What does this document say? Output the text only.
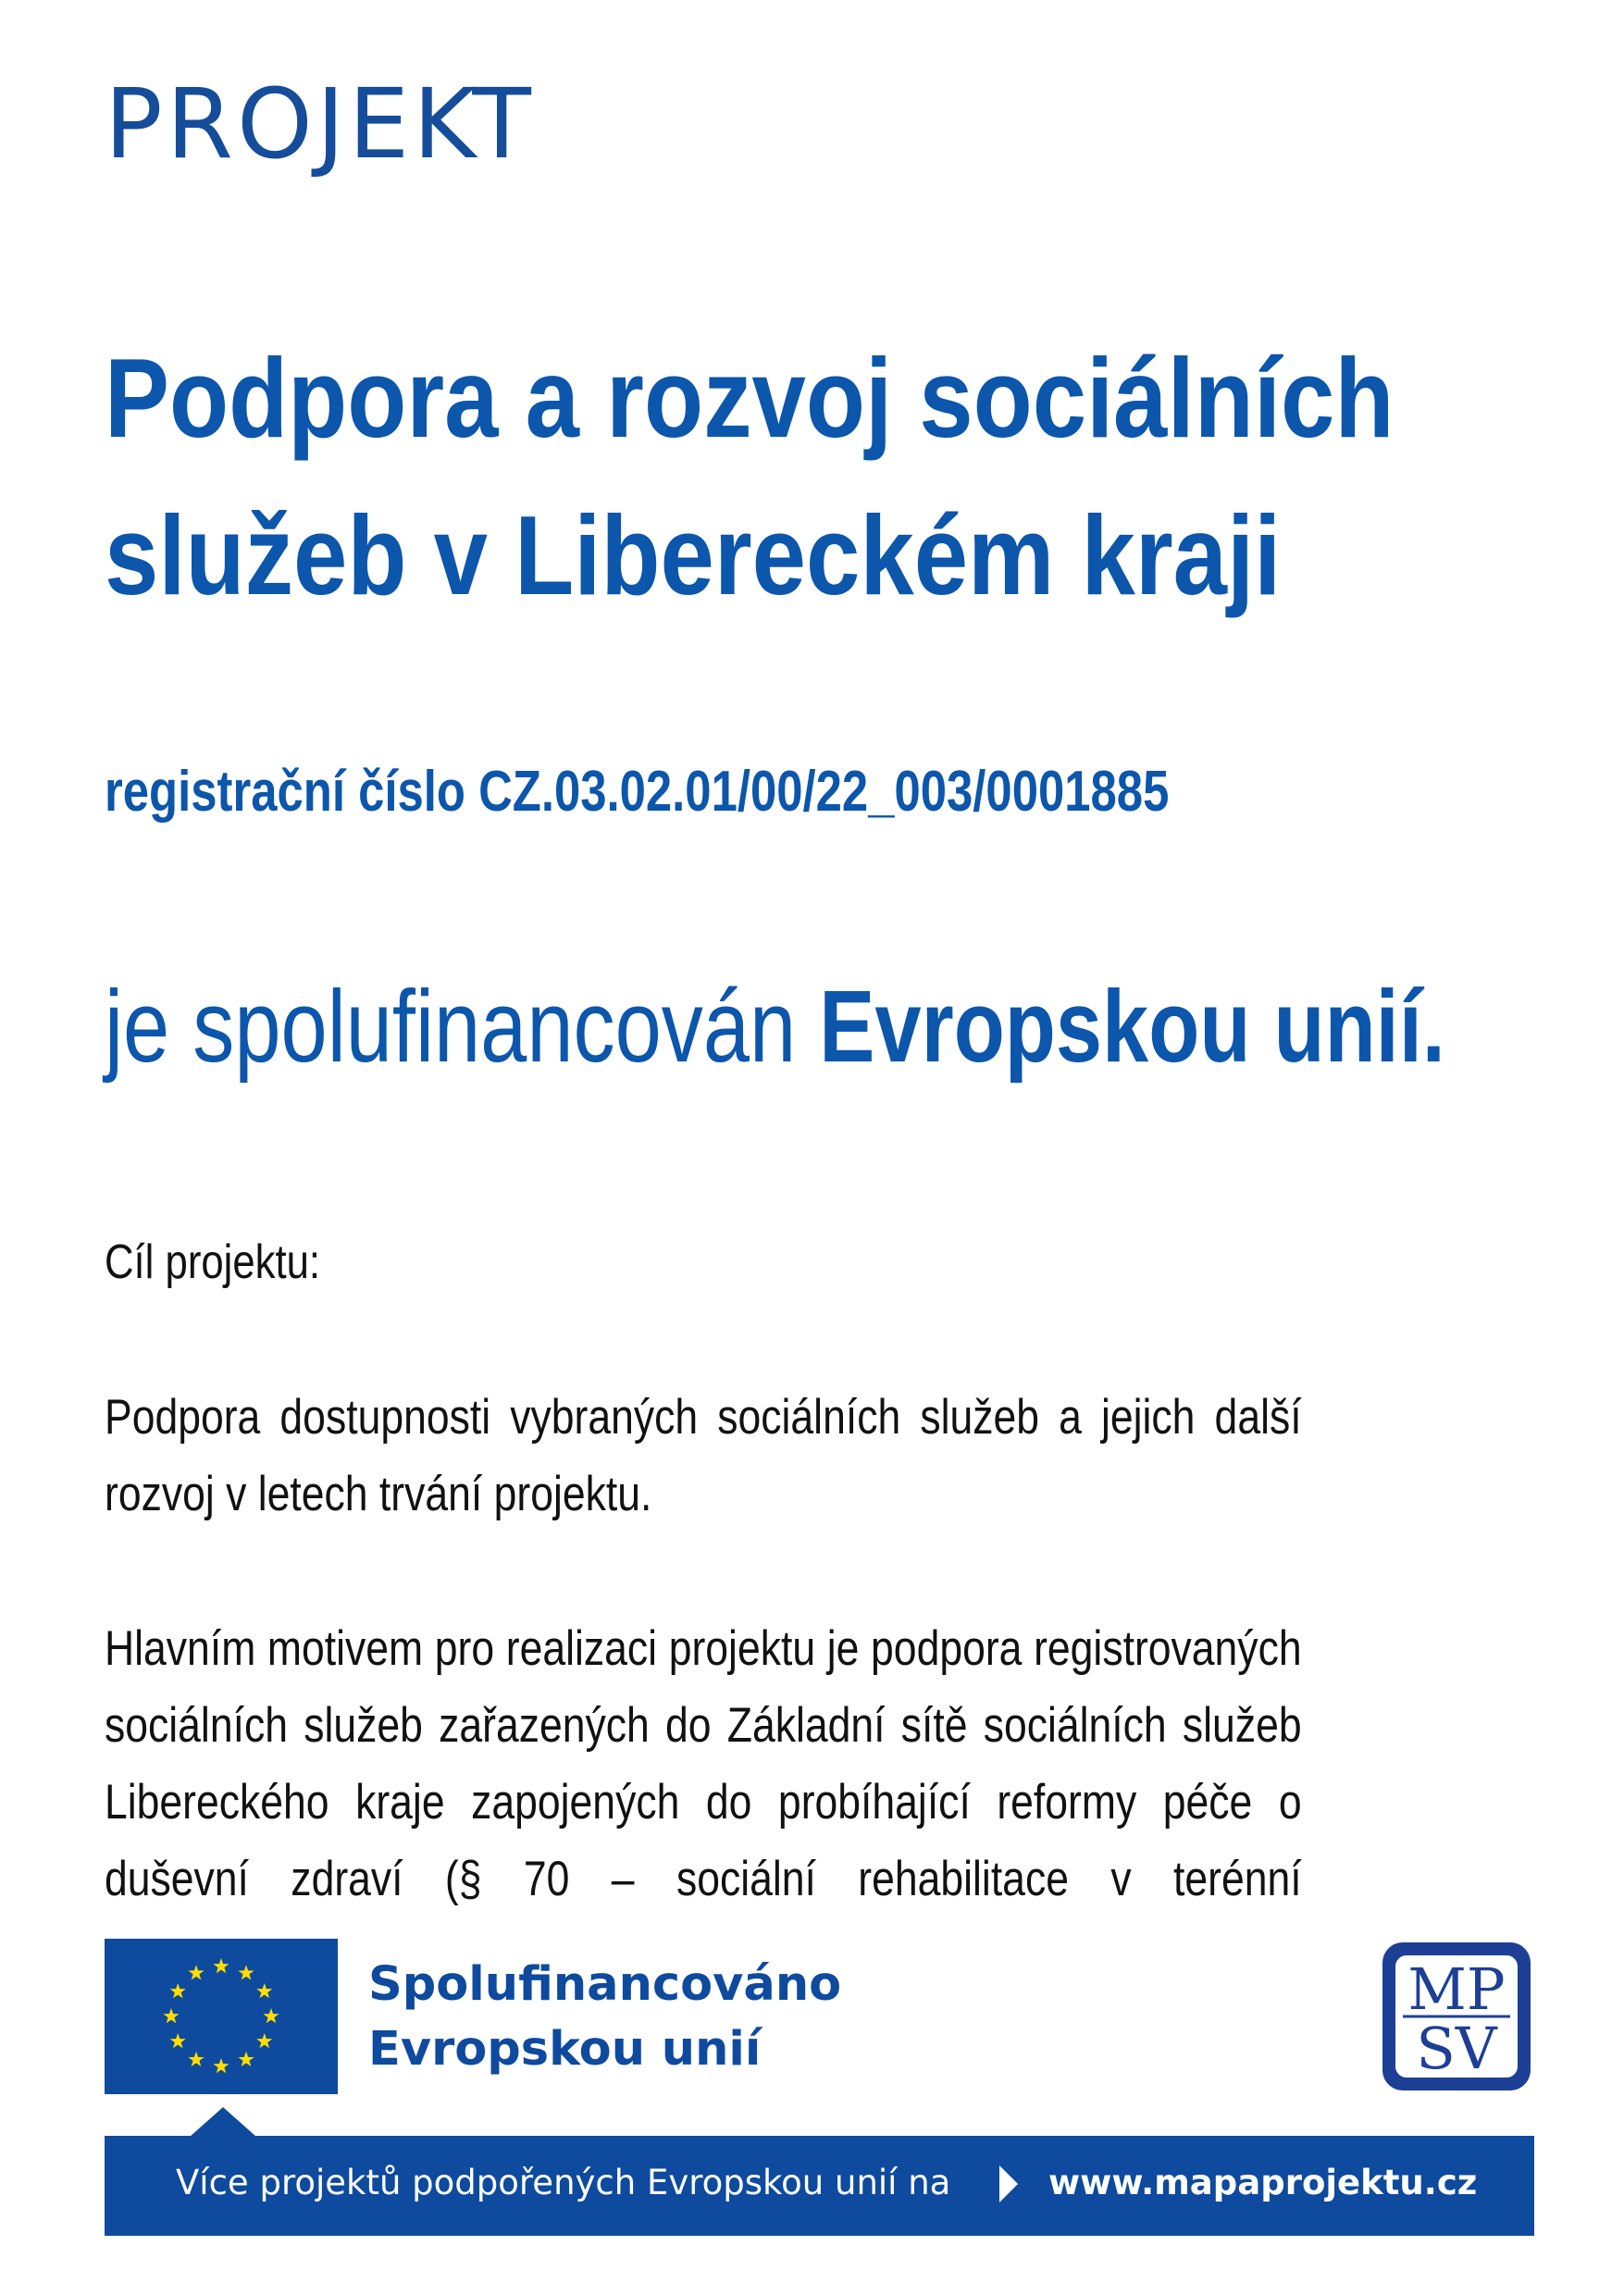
PROJEKT
Podpora a rozvoj sociálních
služeb v Libereckém kraji
registrační číslo CZ.03.02.01/00/22_003/0001885
je spolufinancován Evropskou unií.
Cíl projektu:
Podpora dostupnosti vybraných sociálních služeb a jejich další rozvoj v letech trvání projektu.
Hlavním motivem pro realizaci projektu je podpora registrovaných sociálních služeb zařazených do Základní sítě sociálních služeb Libereckého kraje zapojených do probíhající reformy péče o duševní zdraví (§ 70 – sociální rehabilitace v terénní
Spolufinancováno
Evropskou unií
MP
SV
Více projektů podpořených Evropskou unií na	www.mapaprojektu.cz
